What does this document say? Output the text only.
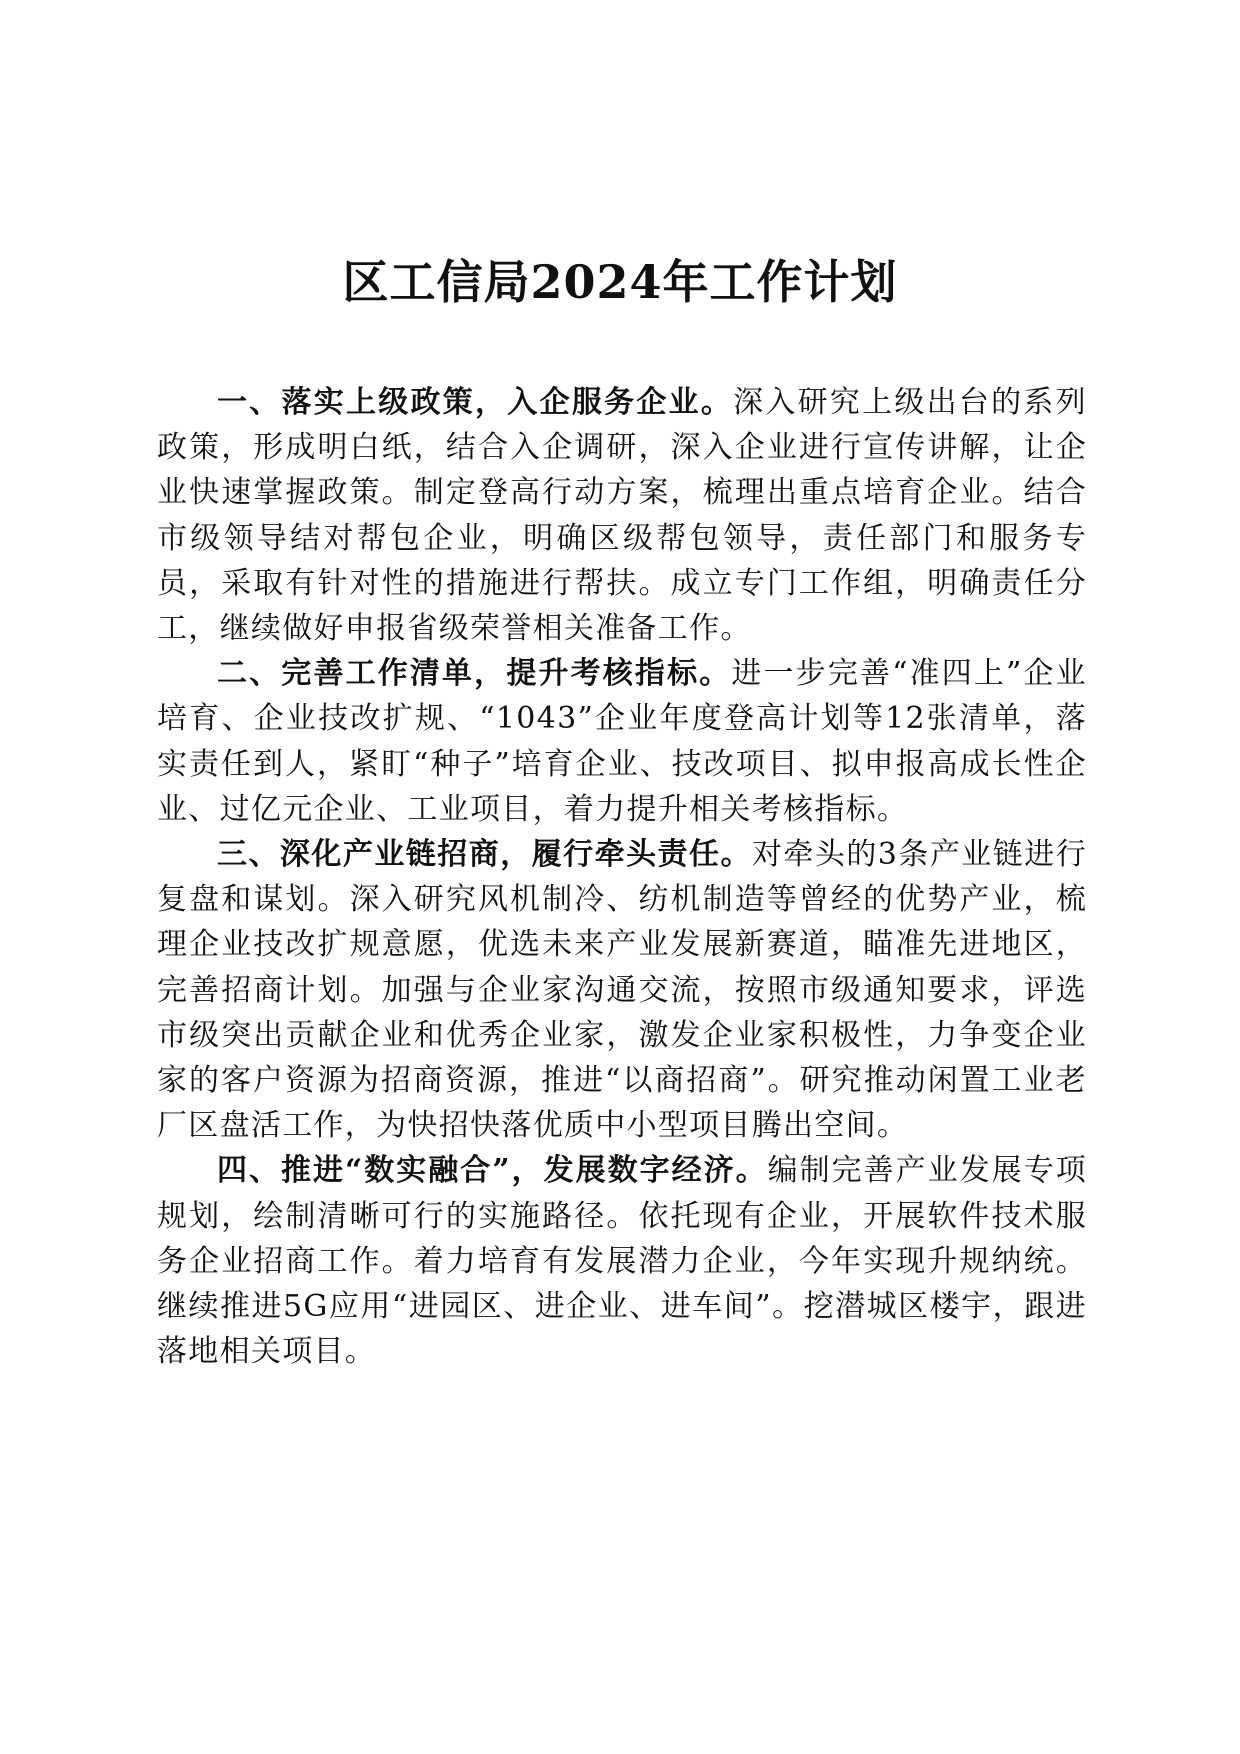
区工信局2024年工作计划

一、落实上级政策，入企服务企业。深入研究上级出台的系列政策，形成明白纸，结合入企调研，深入企业进行宣传讲解，让企业快速掌握政策。制定登高行动方案，梳理出重点培育企业。结合市级领导结对帮包企业，明确区级帮包领导，责任部门和服务专员，采取有针对性的措施进行帮扶。成立专门工作组，明确责任分工，继续做好申报省级荣誉相关准备工作。

二、完善工作清单，提升考核指标。进一步完善“准四上”企业培育、企业技改扩规、“1043”企业年度登高计划等12张清单，落实责任到人，紧盯“种子”培育企业、技改项目、拟申报高成长性企业、过亿元企业、工业项目，着力提升相关考核指标。

三、深化产业链招商，履行牵头责任。对牵头的3条产业链进行复盘和谋划。深入研究风机制冷、纺机制造等曾经的优势产业，梳理企业技改扩规意愿，优选未来产业发展新赛道，瞄准先进地区，完善招商计划。加强与企业家沟通交流，按照市级通知要求，评选市级突出贡献企业和优秀企业家，激发企业家积极性，力争变企业家的客户资源为招商资源，推进“以商招商”。研究推动闲置工业老厂区盘活工作，为快招快落优质中小型项目腾出空间。

四、推进“数实融合”，发展数字经济。编制完善产业发展专项规划，绘制清晰可行的实施路径。依托现有企业，开展软件技术服务企业招商工作。着力培育有发展潜力企业，今年实现升规纳统。继续推进5G应用“进园区、进企业、进车间”。挖潜城区楼宇，跟进落地相关项目。
